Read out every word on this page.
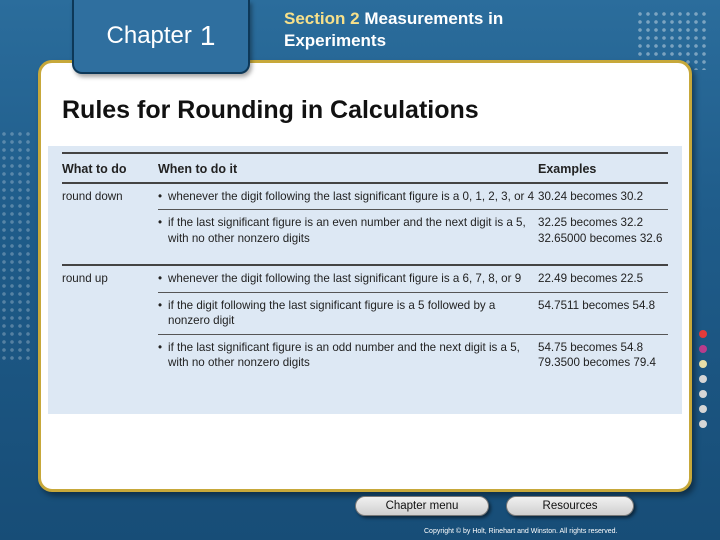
Chapter 1
Section 2 Measurements in Experiments
Rules for Rounding in Calculations
What to do	When to do it	Examples
round down	• whenever the digit following the last significant figure is a 0, 1, 2, 3, or 4	30.24 becomes 30.2

	• if the last significant figure is an even number and the next digit is a 5, with no other nonzero digits	32.25 becomes 32.2
32.65000 becomes 32.6

round up	• whenever the digit following the last significant figure is a 6, 7, 8, or 9	22.49 becomes 22.5

	• if the digit following the last significant figure is a 5 followed by a nonzero digit	54.7511 becomes 54.8

	• if the last significant figure is an odd number and the next digit is a 5, with no other nonzero digits	54.75 becomes 54.8
79.3500 becomes 79.4
Chapter menu	Resources
Copyright © by Holt, Rinehart and Winston. All rights reserved.
